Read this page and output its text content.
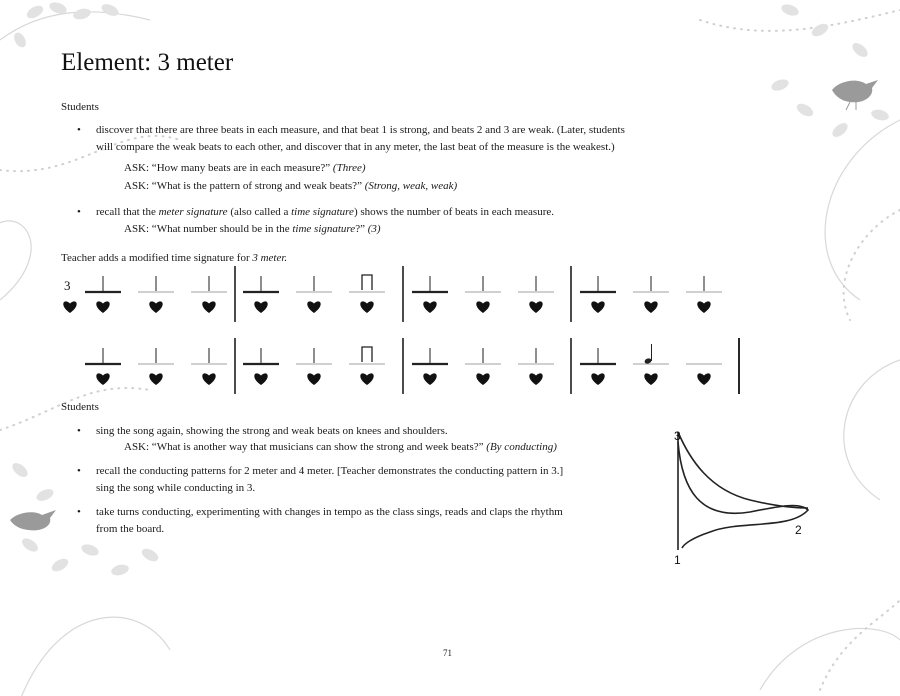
Element: 3 meter
Students
• discover that there are three beats in each measure, and that beat 1 is strong, and beats 2 and 3 are weak. (Later, students
will compare the weak beats to each other, and discover that in any meter, the last beat of the measure is the weakest.)
ASK: “How many beats are in each measure?” (Three)
ASK: “What is the pattern of strong and weak beats?” (Strong, weak, weak)
• recall that the meter signature (also called a time signature) shows the number of beats in each measure.
ASK: “What number should be in the time signature?” (3)
Teacher adds a modified time signature for 3 meter.
3
Students
• sing the song again, showing the strong and weak beats on knees and shoulders.
ASK: “What is another way that musicians can show the strong and week beats?” (By conducting)
• recall the conducting patterns for 2 meter and 4 meter. [Teacher demonstrates the conducting pattern in 3.]
sing the song while conducting in 3.
• take turns conducting, experimenting with changes in tempo as the class sings, reads and claps the rhythm
from the board.
1
2
3
71
